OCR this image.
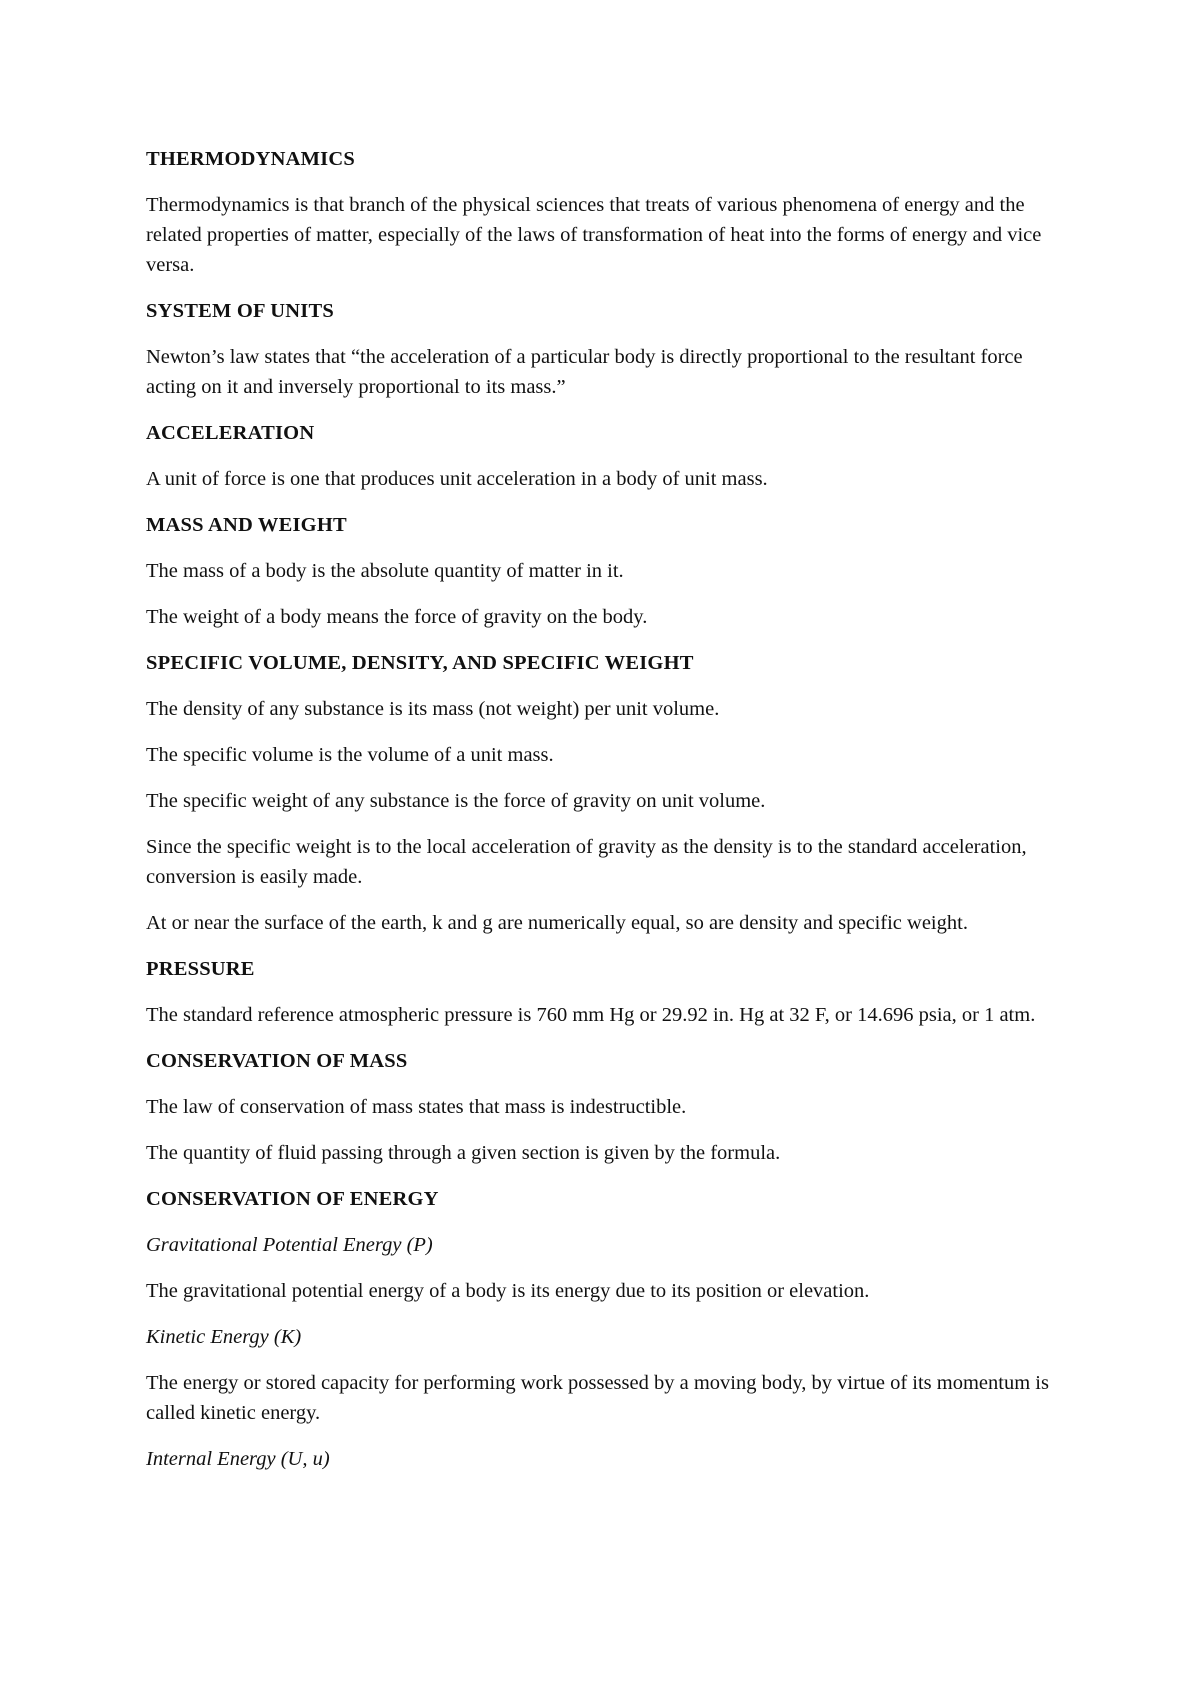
THERMODYNAMICS
Thermodynamics is that branch of the physical sciences that treats of various phenomena of energy and the related properties of matter, especially of the laws of transformation of heat into the forms of energy and vice versa.
SYSTEM OF UNITS
Newton’s law states that “the acceleration of a particular body is directly proportional to the resultant force acting on it and inversely proportional to its mass.”
ACCELERATION
A unit of force is one that produces unit acceleration in a body of unit mass.
MASS AND WEIGHT
The mass of a body is the absolute quantity of matter in it.
The weight of a body means the force of gravity on the body.
SPECIFIC VOLUME, DENSITY, AND SPECIFIC WEIGHT
The density of any substance is its mass (not weight) per unit volume.
The specific volume is the volume of a unit mass.
The specific weight of any substance is the force of gravity on unit volume.
Since the specific weight is to the local acceleration of gravity as the density is to the standard acceleration, conversion is easily made.
At or near the surface of the earth, k and g are numerically equal, so are density and specific weight.
PRESSURE
The standard reference atmospheric pressure is 760 mm Hg or 29.92 in. Hg at 32 F, or 14.696 psia, or 1 atm.
CONSERVATION OF MASS
The law of conservation of mass states that mass is indestructible.
The quantity of fluid passing through a given section is given by the formula.
CONSERVATION OF ENERGY
Gravitational Potential Energy (P)
The gravitational potential energy of a body is its energy due to its position or elevation.
Kinetic Energy (K)
The energy or stored capacity for performing work possessed by a moving body, by virtue of its momentum is called kinetic energy.
Internal Energy (U, u)
